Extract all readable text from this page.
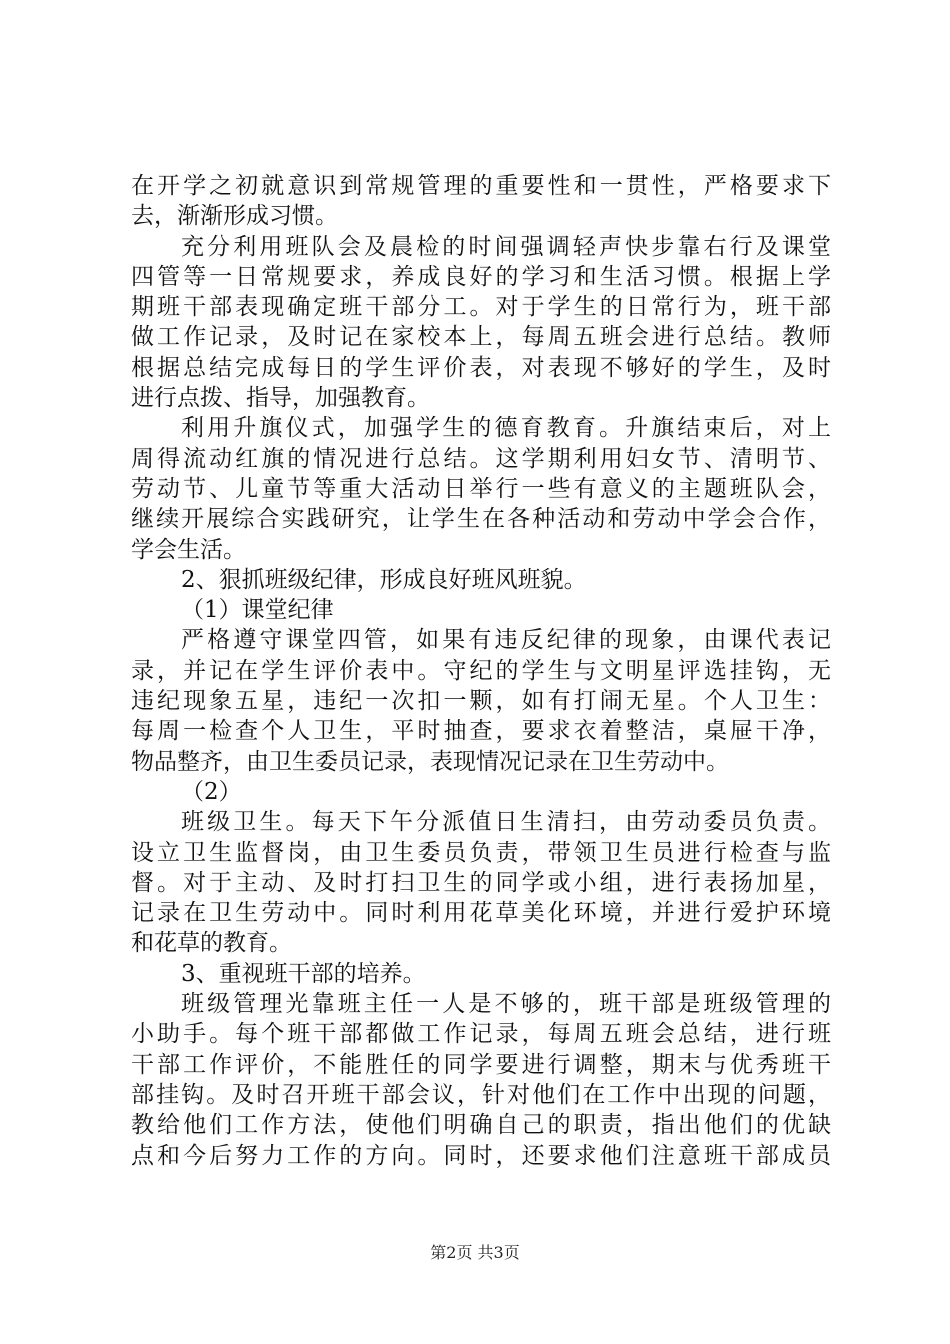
在开学之初就意识到常规管理的重要性和一贯性，严格要求下
去，渐渐形成习惯。
充分利用班队会及晨检的时间强调轻声快步靠右行及课堂
四管等一日常规要求，养成良好的学习和生活习惯。根据上学
期班干部表现确定班干部分工。对于学生的日常行为，班干部
做工作记录，及时记在家校本上，每周五班会进行总结。教师
根据总结完成每日的学生评价表，对表现不够好的学生，及时
进行点拨、指导，加强教育。
利用升旗仪式，加强学生的德育教育。升旗结束后，对上
周得流动红旗的情况进行总结。这学期利用妇女节、清明节、
劳动节、儿童节等重大活动日举行一些有意义的主题班队会，
继续开展综合实践研究，让学生在各种活动和劳动中学会合作，
学会生活。
2、狠抓班级纪律，形成良好班风班貌。
（1）课堂纪律
严格遵守课堂四管，如果有违反纪律的现象，由课代表记
录，并记在学生评价表中。守纪的学生与文明星评选挂钩，无
违纪现象五星，违纪一次扣一颗，如有打闹无星。个人卫生：
每周一检查个人卫生，平时抽查，要求衣着整洁，桌屉干净，
物品整齐，由卫生委员记录，表现情况记录在卫生劳动中。
（2）
班级卫生。每天下午分派值日生清扫，由劳动委员负责。
设立卫生监督岗，由卫生委员负责，带领卫生员进行检查与监
督。对于主动、及时打扫卫生的同学或小组，进行表扬加星，
记录在卫生劳动中。同时利用花草美化环境，并进行爱护环境
和花草的教育。
3、重视班干部的培养。
班级管理光靠班主任一人是不够的，班干部是班级管理的
小助手。每个班干部都做工作记录，每周五班会总结，进行班
干部工作评价，不能胜任的同学要进行调整，期末与优秀班干
部挂钩。及时召开班干部会议，针对他们在工作中出现的问题，
教给他们工作方法，使他们明确自己的职责，指出他们的优缺
点和今后努力工作的方向。同时，还要求他们注意班干部成员
第2页 共3页
